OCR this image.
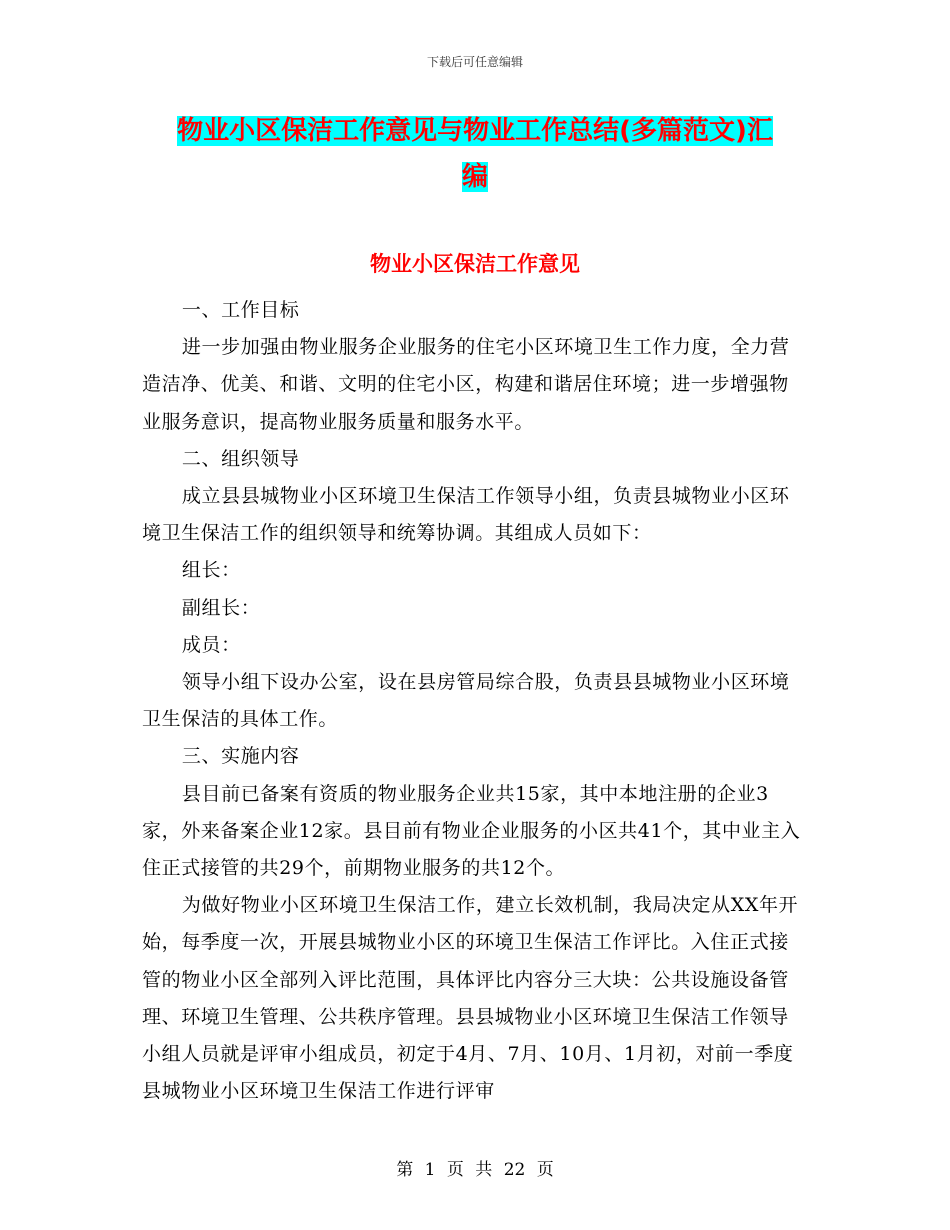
下载后可任意编辑
物业小区保洁工作意见与物业工作总结(多篇范文)汇
编
物业小区保洁工作意见

一、工作目标

进一步加强由物业服务企业服务的住宅小区环境卫生工作力度，全力营造洁净、优美、和谐、文明的住宅小区，构建和谐居住环境；进一步增强物业服务意识，提高物业服务质量和服务水平。

二、组织领导

成立县县城物业小区环境卫生保洁工作领导小组，负责县城物业小区环境卫生保洁工作的组织领导和统筹协调。其组成人员如下：

组长：

副组长：

成员：

领导小组下设办公室，设在县房管局综合股，负责县县城物业小区环境卫生保洁的具体工作。

三、实施内容

县目前已备案有资质的物业服务企业共15家，其中本地注册的企业3家，外来备案企业12家。县目前有物业企业服务的小区共41个，其中业主入住正式接管的共29个，前期物业服务的共12个。

为做好物业小区环境卫生保洁工作，建立长效机制，我局决定从XX年开始，每季度一次，开展县城物业小区的环境卫生保洁工作评比。入住正式接管的物业小区全部列入评比范围，具体评比内容分三大块：公共设施设备管理、环境卫生管理、公共秩序管理。县县城物业小区环境卫生保洁工作领导小组人员就是评审小组成员，初定于4月、7月、10月、1月初，对前一季度县城物业小区环境卫生保洁工作进行评审

第 1 页 共 22 页
